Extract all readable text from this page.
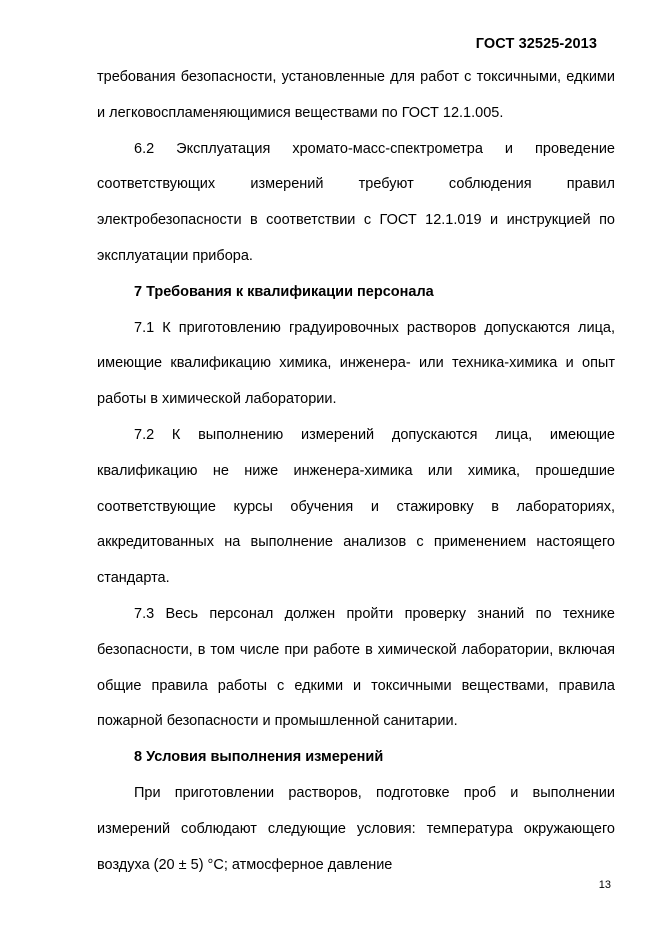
ГОСТ 32525-2013

требования безопасности, установленные для работ с токсичными, едкими и легковоспламеняющимися веществами по ГОСТ 12.1.005.

6.2 Эксплуатация хромато-масс-спектрометра и проведение соответствующих измерений требуют соблюдения правил электробезопасности в соответствии с ГОСТ 12.1.019 и инструкцией по эксплуатации прибора.

7 Требования к квалификации персонала

7.1 К приготовлению градуировочных растворов допускаются лица, имеющие квалификацию химика, инженера- или техника-химика и опыт работы в химической лаборатории.

7.2 К выполнению измерений допускаются лица, имеющие квалификацию не ниже инженера-химика или химика, прошедшие соответствующие курсы обучения и стажировку в лабораториях, аккредитованных на выполнение анализов с применением настоящего стандарта.

7.3 Весь персонал должен пройти проверку знаний по технике безопасности, в том числе при работе в химической лаборатории, включая общие правила работы с едкими и токсичными веществами, правила пожарной безопасности и промышленной санитарии.

8 Условия выполнения измерений

При приготовлении растворов, подготовке проб и выполнении измерений соблюдают следующие условия: температура окружающего воздуха (20 ± 5) °С; атмосферное давление

13
